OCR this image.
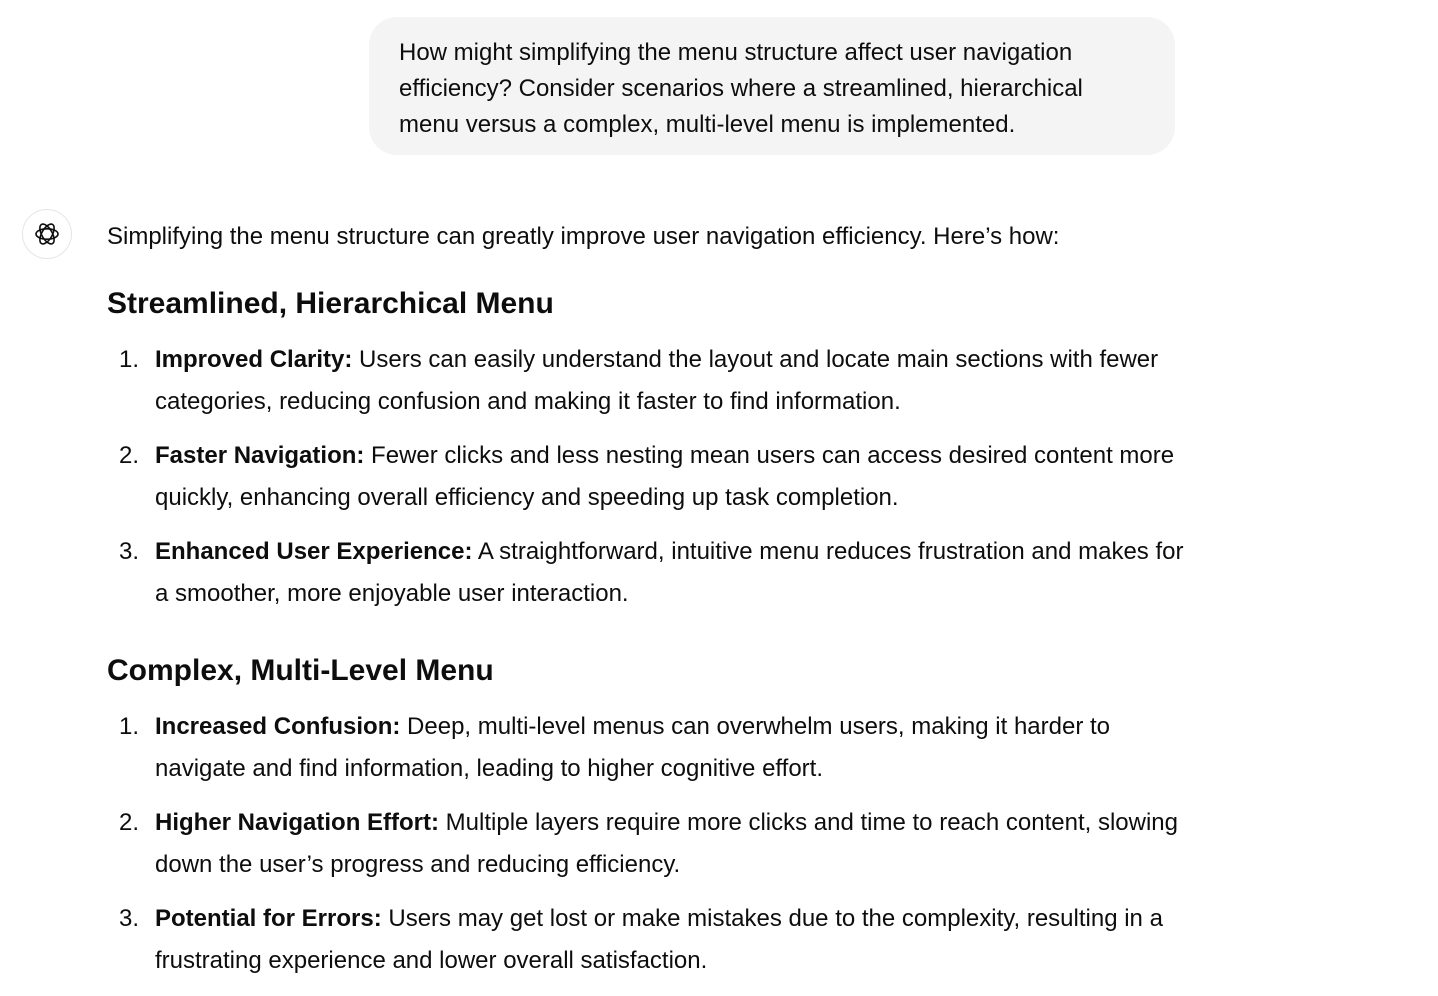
How might simplifying the menu structure affect user navigation efficiency? Consider scenarios where a streamlined, hierarchical menu versus a complex, multi-level menu is implemented.

Simplifying the menu structure can greatly improve user navigation efficiency. Here’s how:

Streamlined, Hierarchical Menu
1. Improved Clarity: Users can easily understand the layout and locate main sections with fewer categories, reducing confusion and making it faster to find information.
2. Faster Navigation: Fewer clicks and less nesting mean users can access desired content more quickly, enhancing overall efficiency and speeding up task completion.
3. Enhanced User Experience: A straightforward, intuitive menu reduces frustration and makes for a smoother, more enjoyable user interaction.
Complex, Multi-Level Menu
1. Increased Confusion: Deep, multi-level menus can overwhelm users, making it harder to navigate and find information, leading to higher cognitive effort.
2. Higher Navigation Effort: Multiple layers require more clicks and time to reach content, slowing down the user’s progress and reducing efficiency.
3. Potential for Errors: Users may get lost or make mistakes due to the complexity, resulting in a frustrating experience and lower overall satisfaction.
